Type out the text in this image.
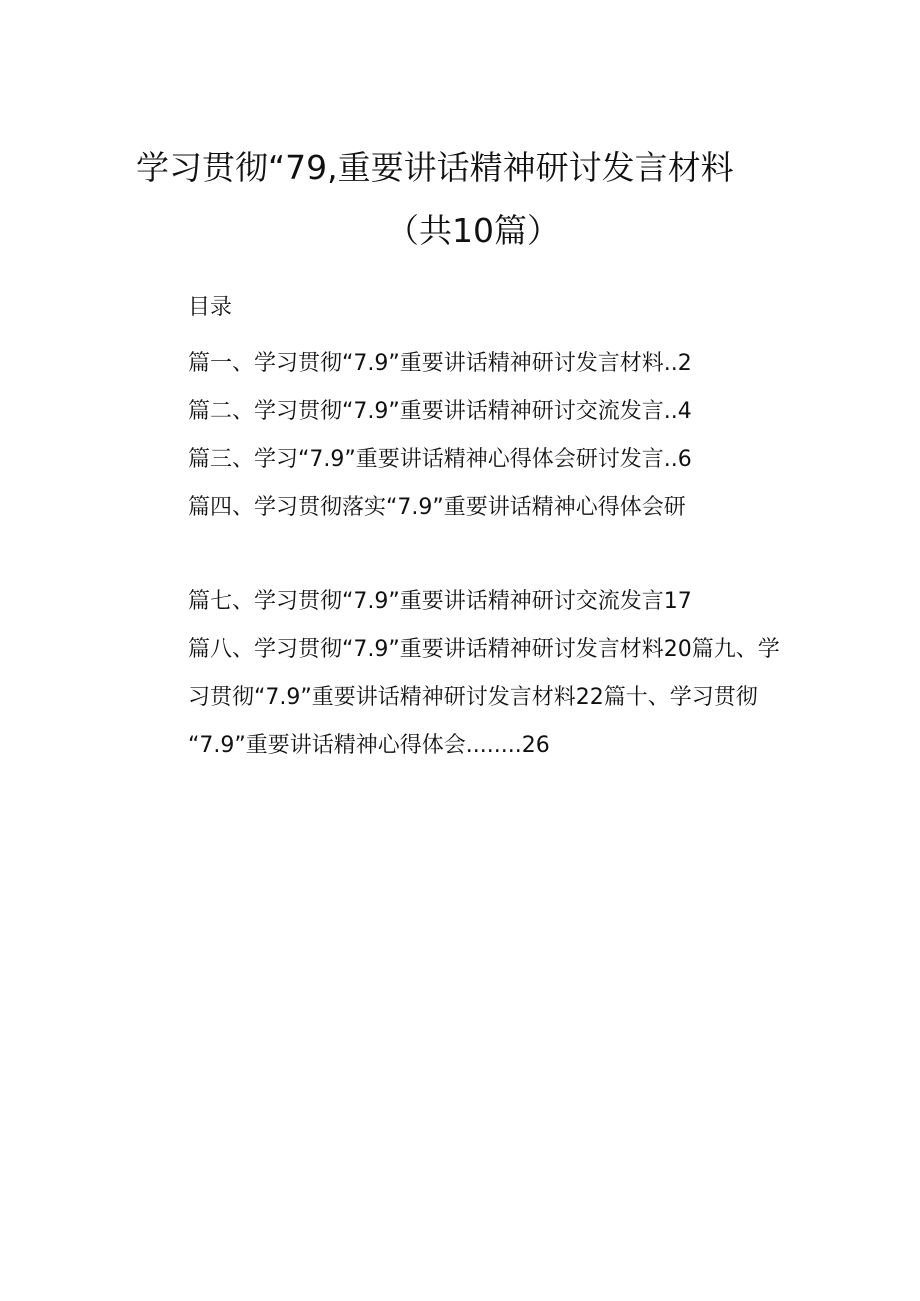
学习贯彻“79,重要讲话精神研讨发言材料
（共10篇）
目录
篇一、学习贯彻“7.9”重要讲话精神研讨发言材料..2
篇二、学习贯彻“7.9”重要讲话精神研讨交流发言..4
篇三、学习“7.9”重要讲话精神心得体会研讨发言..6
篇四、学习贯彻落实“7.9”重要讲话精神心得体会研
篇七、学习贯彻“7.9”重要讲话精神研讨交流发言17
篇八、学习贯彻“7.9”重要讲话精神研讨发言材料20篇九、学
习贯彻“7.9”重要讲话精神研讨发言材料22篇十、学习贯彻
“7.9”重要讲话精神心得体会........26
